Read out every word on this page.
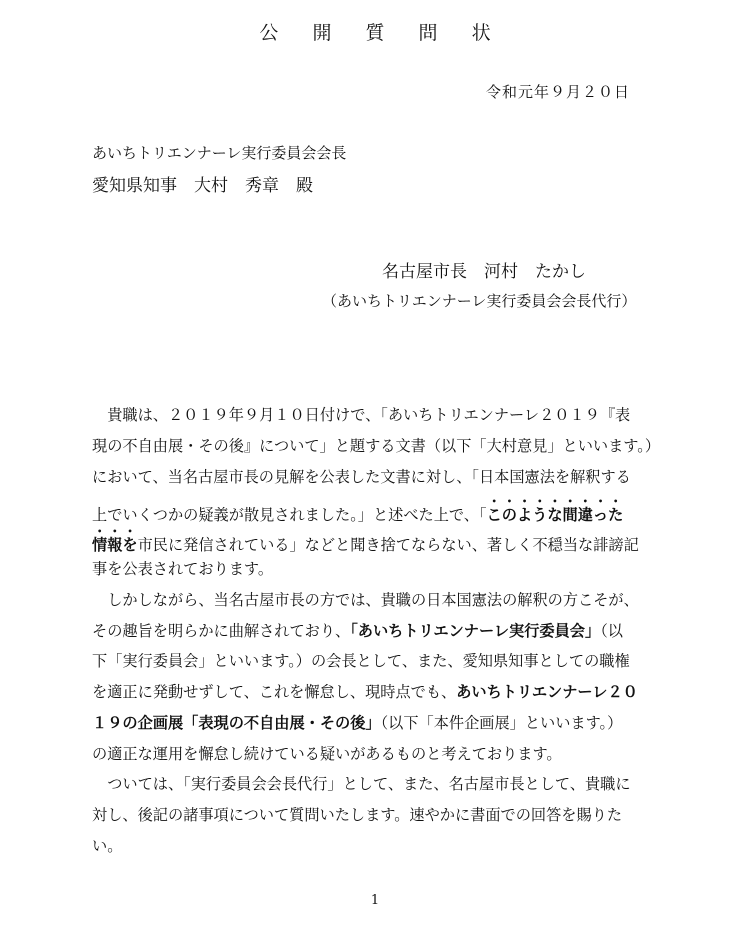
公 開 質 問 状
令和元年９月２０日
あいちトリエンナーレ実行委員会会長
愛知県知事　大村　秀章　殿
名古屋市長　河村　たかし
（あいちトリエンナーレ実行委員会会長代行）
　貴職は、２０１９年９月１０日付けで、「あいちトリエンナーレ２０１９『表
現の不自由展・その後』について」と題する文書（以下「大村意見」といいます。）
において、当名古屋市長の見解を公表した文書に対し、「日本国憲法を解釈する
上でいくつかの疑義が散見されました。」と述べた上で、「このような間違った
情報を市民に発信されている」などと聞き捨てならない、著しく不穏当な誹謗記
事を公表されております。
　しかしながら、当名古屋市長の方では、貴職の日本国憲法の解釈の方こそが、
その趣旨を明らかに曲解されており、「あいちトリエンナーレ実行委員会」（以
下「実行委員会」といいます。）の会長として、また、愛知県知事としての職権
を適正に発動せずして、これを懈怠し、現時点でも、あいちトリエンナーレ２０
１９の企画展「表現の不自由展・その後」（以下「本件企画展」といいます。）
の適正な運用を懈怠し続けている疑いがあるものと考えております。
　ついては、「実行委員会会長代行」として、また、名古屋市長として、貴職に
対し、後記の諸事項について質問いたします。速やかに書面での回答を賜りた
い。
1
